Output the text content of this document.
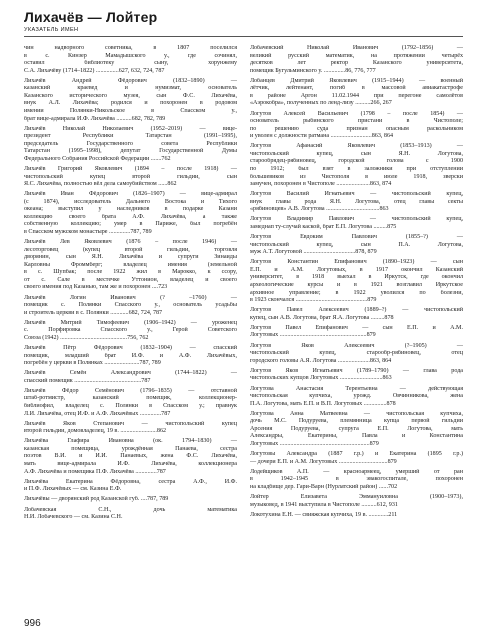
Лихачёв — Лойтер
УКАЗАТЕЛЬ ИМЕН
чин надворного советника, в 1807 поселился
в с. Кинзер Мамадышского у., где сочинял,
оставил библиотеку сыну, хорунжему
С.А. Лихачёву (1714–1822) ...............627, 632, 724, 787
Лихачёв Андрей Фёдорович (1832–1890) —
казанский краевед и нумизмат, основатель
Казанского исторического музея, сын Ф.С. Лихачёва,
внук А.Л. Лихачёва; родился и похоронен в родовом
имении Полянки-Никольское в Спасском у.,
брат вице-адмирала И.Ф. Лихачёва ..........682, 782, 789
Лихачёв Николай Николаевич (1952–2019) — вице-
президент Республики Татарстан (1991–1995),
председатель Государственного совета Республики
Татарстан (1995–1998), депутат Государственной Думы
Федерального Собрания Российской Федерации .......762
Лихачёв Григорий Яковлевич (1894 – после 1918) —
чистопольский купец второй гильдии, сын
Я.С. Лихачёва, полностью вёл дела самоубийством ......862
Лихачёв Иван Фёдорович (1826–1907) — вице-адмирал
(с 1874), исследователь Дальнего Востока и Тихого
океана; выступил у наследников в подарке Казани
коллекцию своего брата А.Ф. Лихачёва, а также
собственную коллекцию; умер в Париже, был погребён
в Спасском мужском монастыре ..............787, 789
Лихачёв Лев Яковлевич (1876 – после 1946) —
лесоторговец (купец второй гильдии, торговля
дворянин, сын Я.Н. Лихачёва и супруги Зинаиды
Карловны Фроммберг; владелец имения (земельной
в с. Шупбак; после 1922 жил в Марокко, к ссору,
от с. Сале в местечке Уттонион, владелец и своего
своего имения под Казанью, там же и похоронен ....723
Лихачёв Логин Иванович (? –1760) —
помещик с. Полянки Спасского у., основатель усадьбы
и строитель церкви в с. Полянки ............682, 724, 787
Лихачёв Митрий Тимофеевич (1906–1942) — уроженец
с. Порфировка Спасского у., Герой Советского
Союза (1942) ............................................756, 762
Лихачёв Пётр Фёдорович (1832–1904) — спасский
помещик, младший брат И.Ф. и А.Ф. Лихачёвых,
погребён у церкви в Полянках .......................787, 789
Лихачёв Семён Александрович (1744–1822) —
спасский помещик ............................................787
Лихачёв Фёдор Семёнович (1796–1835) — отставной
штаб-ротмистр, казанский помещик, коллекционер-
библиофил, владелец с. Полянки в Спасском у.; правнук
Л.И. Лихачёва, отец И.Ф. и А.Ф. Лихачёвых ..............787
Лихачёв Яков Степанович — чистопольский купец
второй гильдии, домовладелец, 19 в. ........................862
Лихачёва Глафира Ивановна (ок. 1794–1830) —
казанская помещица, урождённая Панаева, сестра
поэтов В.И. и И.И. Панаевых, жена Ф.С. Лихачёва,
мать вице-адмирала И.Ф. Лихачёва, коллекционера
А.Ф. Лихачёва и помещика П.Ф. Лихачёва ..............787
Лихачёва Екатерина Фёдоровна, сестра А.Ф., И.Ф.
и П.Ф. Лихачёвых — см. Казина Е.Ф.
Лихачёвы — дворянский род Казанской губ. ....787, 789
Лобачевская С.Н., дочь математика
Н.И. Лобачевского — см. Казина С.Н.
Лобачевский Николай Иванович (1792–1856) —
великий русский математик, на протяжении четырёх
десятков лет ректор Казанского университета,
помещик Бугульминского у. ..............86, 776, 777
Лобанцев Дмитрий Яковлевич (1915–1944) — военный
лётчик, лейтенант, погиб в массовой авиакатастрофе
в районе Аргон 11.02.1944 при перегоне самолётов
«Аэрокобра», полученных по ленд-лизу ..........266, 267
Логутов Алексей Васильевич (1798 – после 1854) —
основатель рыбинского пристани в Чистополе;
по решению суда признан опасным раскольником
и уволен с должности ратмана ...........................863, 864
Логутов Афанасий Яковлевич (1853–1913) —
чистопольский купец, сын Я.Н. Логутова,
старообрядец-рябиновец, городской голова с 1900
по 1912; был взят в заложники при отступлении
большевиков из Чистополя в июле 1918, зверски
замучен, похоронен в Чистополе ......................863, 874
Логутов Василий Игнатьевич — чистопольский купец,
внук главы рода Я.Н. Логутова, отец главы секты
«рябиновцев» А.В. Логутова ...................................863
Логутов Владимир Павлович — чистопольский купец,
замеднап ту-случай каской, брат Е.П. Логутова .........875
Логутов Евдоким Павлович (1855–?) —
чистопольский купец, сын П.А. Логутова,
муж А.Т. Логутовой ..................................878, 879
Логутов Константин Епифанович (1890–1923) — сын
Е.П. и А.М. Логутовых, в 1917 окончил Казанский
университет, в 1918 выехал в Иркутск, где окончил
археологические курсы и в 1921 возглавил Иркутское
архивное управление; в 1922 уволился по болезни,
в 1923 скончался ...............................................879
Логутов Павел Алексеевич (1889–?) — чистопольский
купец, сын А.В. Логутова, брат Я.А. Логутова .........878
Логутов Павел Епифанович — сын Е.П. и А.М.
Логутовых .........................................................879
Логутов Яков Алексеевич (?–1905) —
чистопольский купец, старообр-рябиновец, отец
городского головы А.Я. Логутова .....................863, 864
Логутов Яков Игнатьевич (1789–1790) — глава рода
чистопольских купцов Логутовых ............................863
Логутова Анастасия Терентьевна — действующая
чистопольская купчиха, урожд. Овчинникова, жена
П.А. Логутова, мать Е.П. и В.П. Логутовых ...............878
Логутова Анна Матвеевна — чистопольская купчиха,
дочь М.С. Подуруева, племянница купца первой гильдии
Арсения Подуруева, супруга Е.П. Логутова, мать
Александры, Екатерины, Павла и Константина
Логутовых ...........................................................879
Логутовы Александра (1887 г.р.) и Екатерина (1895 г.р.)
— дочери Е.П. и А.М. Логутовых ................................879
Лодейщиков А.П. — красноармеец, умерший от ран
в 1942–1945 в эвакогоспитале, похоронен
на кладбище дер. Гари-Варн (Нурлатский район) ......702
Лойтер Елизавета Эммануиловна (1900–1973),
музыковед, в 1941 выступила в Чистополе ..........612, 931
Локотухина Е.Н. — свияжская купчиха, 19 в. .............211
996
